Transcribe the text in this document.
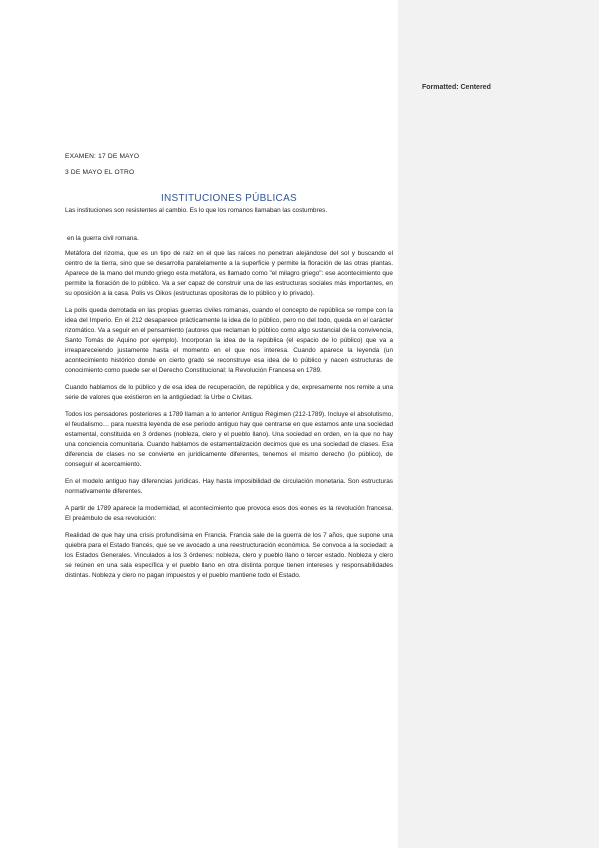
Formatted: Centered
EXAMEN: 17 DE MAYO
3 DE MAYO EL OTRO
INSTITUCIONES PÚBLICAS
Las instituciones son resistentes al cambio. Es lo que los romanos llamaban las costumbres.
en la guerra civil romana.
Metáfora del rizoma, que es un tipo de raíz en el que las raíces no penetran alejándose del sol y buscando el centro de la tierra, sino que se desarrolla paralelamente a la superficie y permite la floración de las otras plantas. Aparece de la mano del mundo griego esta metáfora, es llamado como "el milagro griego": ese acontecimiento que permite la floración de lo público. Va a ser capaz de construir una de las estructuras sociales más importantes, en su oposición a la casa. Polis vs Oikos (estructuras opositoras de lo público y lo privado).
La polis queda derrotada en las propias guerras civiles romanas, cuando el concepto de república se rompe con la idea del Imperio. En el 212 desaparece prácticamente la idea de lo público, pero no del todo, queda en el carácter rizomático. Va a seguir en el pensamiento (autores que reclaman lo público como algo sustancial de la convivencia, Santo Tomás de Aquino por ejemplo). Incorporan la idea de la república (el espacio de lo público) que va a irreapareceiendo justamente hasta el momento en el que nos interesa. Cuando aparece la leyenda (un acontecimiento histórico donde en cierto grado se reconstruye esa idea de lo público y nacen estructuras de conocimiento como puede ser el Derecho Constitucional: la Revolución Francesa en 1789.
Cuando hablamos de lo público y de esa idea de recuperación, de república y de, expresamente nos remite a una serie de valores que existieron en la antigüedad: la Urbe o Civitas.
Todos los pensadores posteriores a 1789 llaman a lo anterior Antiguo Régimen (212-1789). Incluye el absolutismo, el feudalismo… para nuestra leyenda de ese periodo antiguo hay que centrarse en que estamos ante una sociedad estamental, constituida en 3 órdenes (nobleza, clero y el pueblo llano). Una sociedad en orden, en la que no hay una conciencia comunitaria. Cuando hablamos de estamentalización decimos que es una sociedad de clases. Esa diferencia de clases no se convierte en jurídicamente diferentes, tenemos el mismo derecho (lo público), de conseguir el acercamiento.
En el modelo antiguo hay diferencias jurídicas. Hay hasta imposibilidad de circulación monetaria. Son estructuras normativamente diferentes.
A partir de 1789 aparece la modernidad, el acontecimiento que provoca esos dos eones es la revolución francesa. El preámbulo de esa revolución:
Realidad de que hay una crisis profundísima en Francia. Francia sale de la guerra de los 7 años, que supone una quiebra para el Estado francés, que se ve avocado a una reestructuración económica. Se convoca a la sociedad: a los Estados Generales. Vinculados a los 3 órdenes: nobleza, clero y pueblo llano o tercer estado. Nobleza y clero se reúnen en una sala específica y el pueblo llano en otra distinta porque tienen intereses y responsabilidades distintas. Nobleza y clero no pagan impuestos y el pueblo mantiene todo el Estado.
